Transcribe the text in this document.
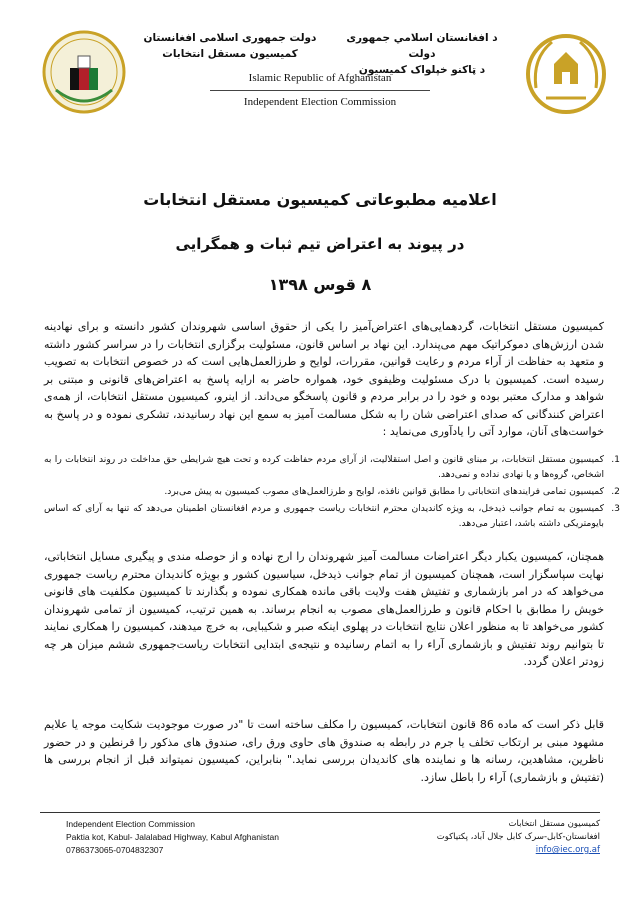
دولت جمهوری اسلامی افغانستان
کمیسیون مستقل انتخابات
د افغانستان اسلامي جمهوری دولت
د ټاکنو خپلواک کمیسیون
Islamic Republic of Afghanistan
Independent Election Commission
اعلامیه مطبوعاتی کمیسیون مستقل انتخابات
در پیوند به اعتراض تیم ثبات و همگرایی
۸ قوس ۱۳۹۸
کمیسیون مستقل انتخابات، گردهمایی‌های اعتراض‌آمیز را یکی از حقوق اساسی شهروندان کشور دانسته و برای نهادینه شدن ارزش‌های دموکراتیک مهم می‌پندارد. این نهاد بر اساس قانون، مسئولیت برگزاری انتخابات را در سراسر کشور داشته و متعهد به حفاظت از آراء مردم و رعایت قوانین، مقررات، لوایح و طرزالعمل‌هایی است که در خصوص انتخابات به تصویب رسیده است. کمیسیون با درک مسئولیت وظیفوی خود، همواره حاضر به ارایه پاسخ به اعتراض‌های قانونی و مبتنی بر شواهد و مدارک معتبر بوده و خود را در برابر مردم و قانون پاسخگو می‌داند. از اینرو، کمیسیون مستقل انتخابات، از همه‌ی اعتراض کنندگانی که صدای اعتراضی شان را به شکل مسالمت آمیز به سمع این نهاد رسانیدند، تشکری نموده و در پاسخ به خواست‌های آنان، موارد آتی را یادآوری می‌نماید :
1.
کمیسیون مستقل انتخابات، بر مبنای قانون و اصل استقلالیت، از آرای مردم حفاظت کرده و تحت هیچ شرایطی حق مداخلت در روند انتخابات را به اشخاص، گروه‌ها و یا نهادی نداده و نمی‌دهد.
2.
کمیسیون تمامی فرایندهای انتخاباتی را مطابق قوانین نافذه، لوایح و طرزالعمل‌های مصوب کمیسیون به پیش می‌برد.
3.
کمیسیون به تمام جوانب ذیدخل، به ویژه کاندیدان محترم انتخابات ریاست جمهوری و مردم افغانستان اطمینان می‌دهد که تنها به آرای که اساس بایومتریکی داشته باشد، اعتبار می‌دهد.
همچنان، کمیسیون یکبار دیگر اعتراضات مسالمت آمیز شهروندان را ارج نهاده و از حوصله مندی و پیگیری مسایل انتخاباتی، نهایت سپاسگزار است، همچنان کمیسیون از تمام جوانب ذیدخل، سیاسیون کشور و بوِیژه کاندیدان محترم ریاست جمهوری می‌خواهد که در امر بازشماری و تفتیش هفت ولایت باقی مانده همکاری نموده و بگذارند تا کمیسیون مکلفیت های قانونی خویش را مطابق با احکام قانون و طرزالعمل‌های مصوب به انجام برساند. به همین ترتیب، کمیسیون از تمامی شهروندان کشور می‌خواهد تا به منظور اعلان نتایج انتخابات در پهلوی اینکه صبر و شکیبایی، به خرچ میدهند، کمیسیون را همکاری نمایند تا بتوانیم روند تفتیش و بازشماری آراء را به اتمام رسانیده و نتیجه‌ی ابتدایی انتخابات ریاست‌جمهوری ششم میزان هر چه زودتر اعلان گردد.
قابل ذکر است که ماده 86 قانون انتخابات، کمیسیون را مکلف ساخته است تا "در صورت موجودیت شکایت موجه یا علایم مشهود مبنی بر ارتکاب تخلف یا جرم در رابطه به صندوق های حاوی ورق رای، صندوق های مذکور را قرنطین و در حضور ناظرین، مشاهدین، رسانه ها و نماینده های کاندیدان بررسی نماید." بنابراین، کمیسیون نمیتواند قبل از انجام بررسی ها (تفتیش و بازشماری) آراء را باطل سازد.
Independent Election Commission
Paktia kot, Kabul- Jalalabad Highway, Kabul Afghanistan
0786373065-0704832307
کمیسیون مستقل انتخابات
افغانستان-کابل-سرک کابل جلال آباد، پکتیاکوت
info@iec.org.af
